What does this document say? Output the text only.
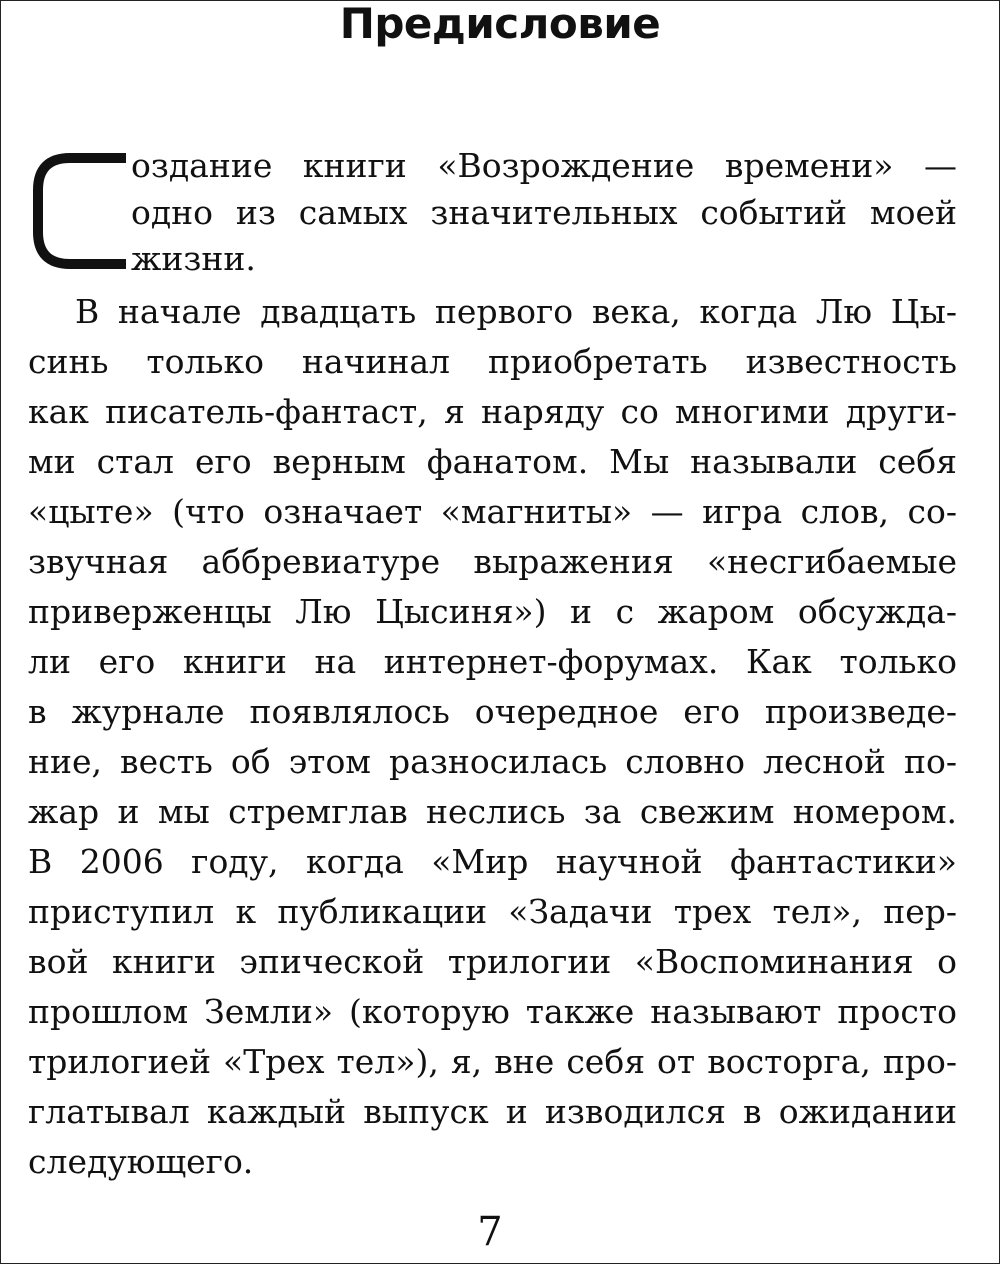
Предисловие
оздание книги «Возрождение времени» —
одно из самых значительных событий моей
жизни.
В начале двадцать первого века, когда Лю Цы-
синь только начинал приобретать известность
как писатель-фантаст, я наряду со многими други-
ми стал его верным фанатом. Мы называли себя
«цыте» (что означает «магниты» — игра слов, со-
звучная аббревиатуре выражения «несгибаемые
приверженцы Лю Цысиня») и с жаром обсужда-
ли его книги на интернет-форумах. Как только
в журнале появлялось очередное его произведе-
ние, весть об этом разносилась словно лесной по-
жар и мы стремглав неслись за свежим номером.
В 2006 году, когда «Мир научной фантастики»
приступил к публикации «Задачи трех тел», пер-
вой книги эпической трилогии «Воспоминания о
прошлом Земли» (которую также называют просто
трилогией «Трех тел»), я, вне себя от восторга, про-
глатывал каждый выпуск и изводился в ожидании
следующего.
7
